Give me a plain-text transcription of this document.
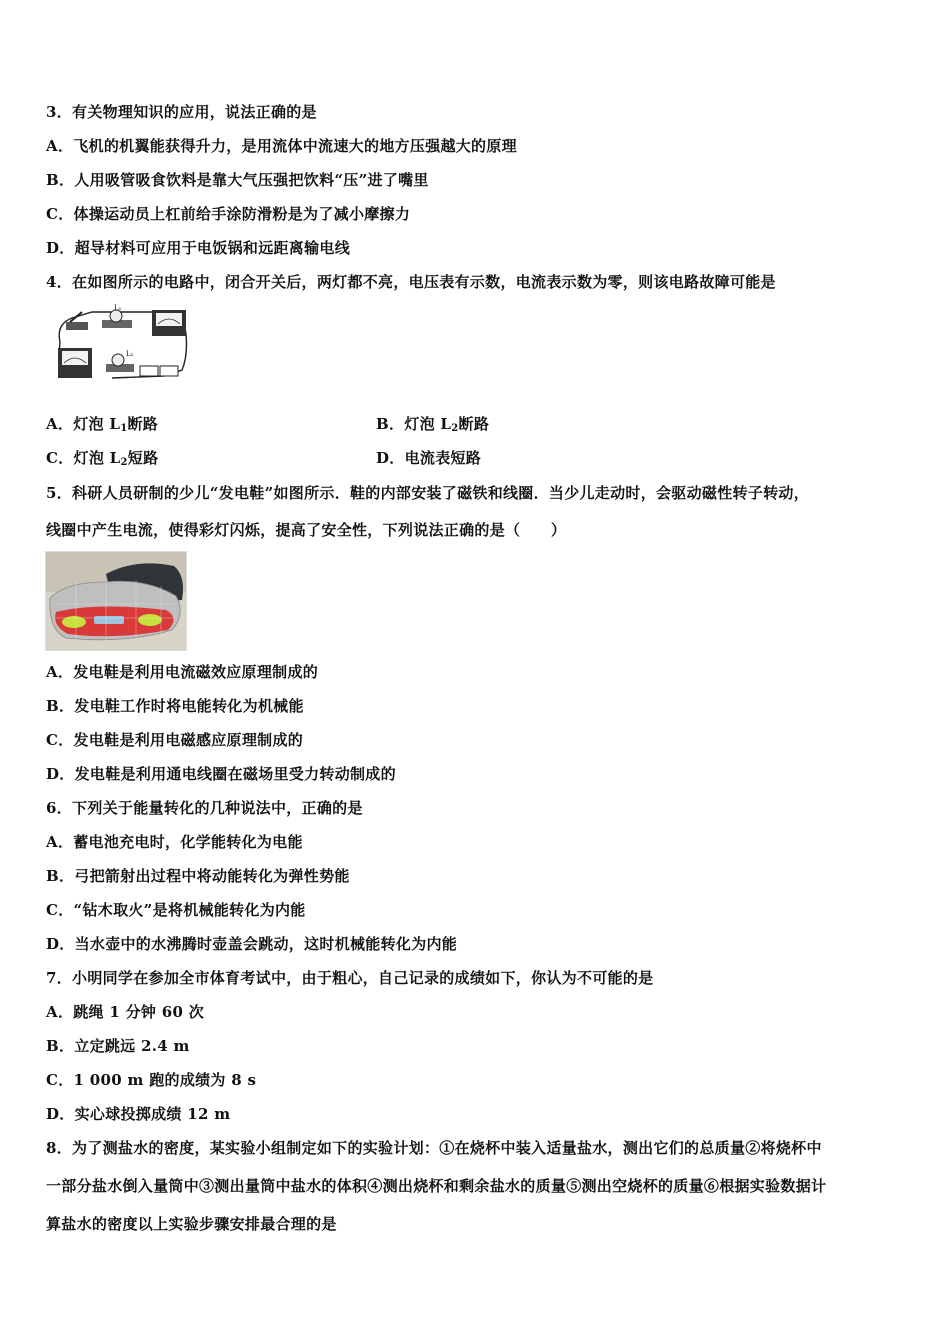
3．有关物理知识的应用，说法正确的是
A．飞机的机翼能获得升力，是用流体中流速大的地方压强越大的原理
B．人用吸管吸食饮料是靠大气压强把饮料“压”进了嘴里
C．体操运动员上杠前给手涂防滑粉是为了减小摩擦力
D．超导材料可应用于电饭锅和远距离输电线
4．在如图所示的电路中，闭合开关后，两灯都不亮，电压表有示数，电流表示数为零，则该电路故障可能是
L₁
L₂
A．灯泡 $L_1$断路	B．灯泡 $L_2$断路
C．灯泡 $L_2$短路	D．电流表短路
5．科研人员研制的少儿“发电鞋”如图所示．鞋的内部安装了磁铁和线圈．当少儿走动时，会驱动磁性转子转动，
线圈中产生电流，使得彩灯闪烁，提高了安全性，下列说法正确的是（　　）
A．发电鞋是利用电流磁效应原理制成的
B．发电鞋工作时将电能转化为机械能
C．发电鞋是利用电磁感应原理制成的
D．发电鞋是利用通电线圈在磁场里受力转动制成的
6．下列关于能量转化的几种说法中，正确的是
A．蓄电池充电时，化学能转化为电能
B．弓把箭射出过程中将动能转化为弹性势能
C．“钻木取火”是将机械能转化为内能
D．当水壶中的水沸腾时壶盖会跳动，这时机械能转化为内能
7．小明同学在参加全市体育考试中，由于粗心，自己记录的成绩如下，你认为不可能的是
A．跳绳 1 分钟 60 次
B．立定跳远 2.4 m
C．1 000 m 跑的成绩为 8 s
D．实心球投掷成绩 12 m
8．为了测盐水的密度，某实验小组制定如下的实验计划：①在烧杯中装入适量盐水，测出它们的总质量②将烧杯中
一部分盐水倒入量筒中③测出量筒中盐水的体积④测出烧杯和剩余盐水的质量⑤测出空烧杯的质量⑥根据实验数据计
算盐水的密度以上实验步骤安排最合理的是
